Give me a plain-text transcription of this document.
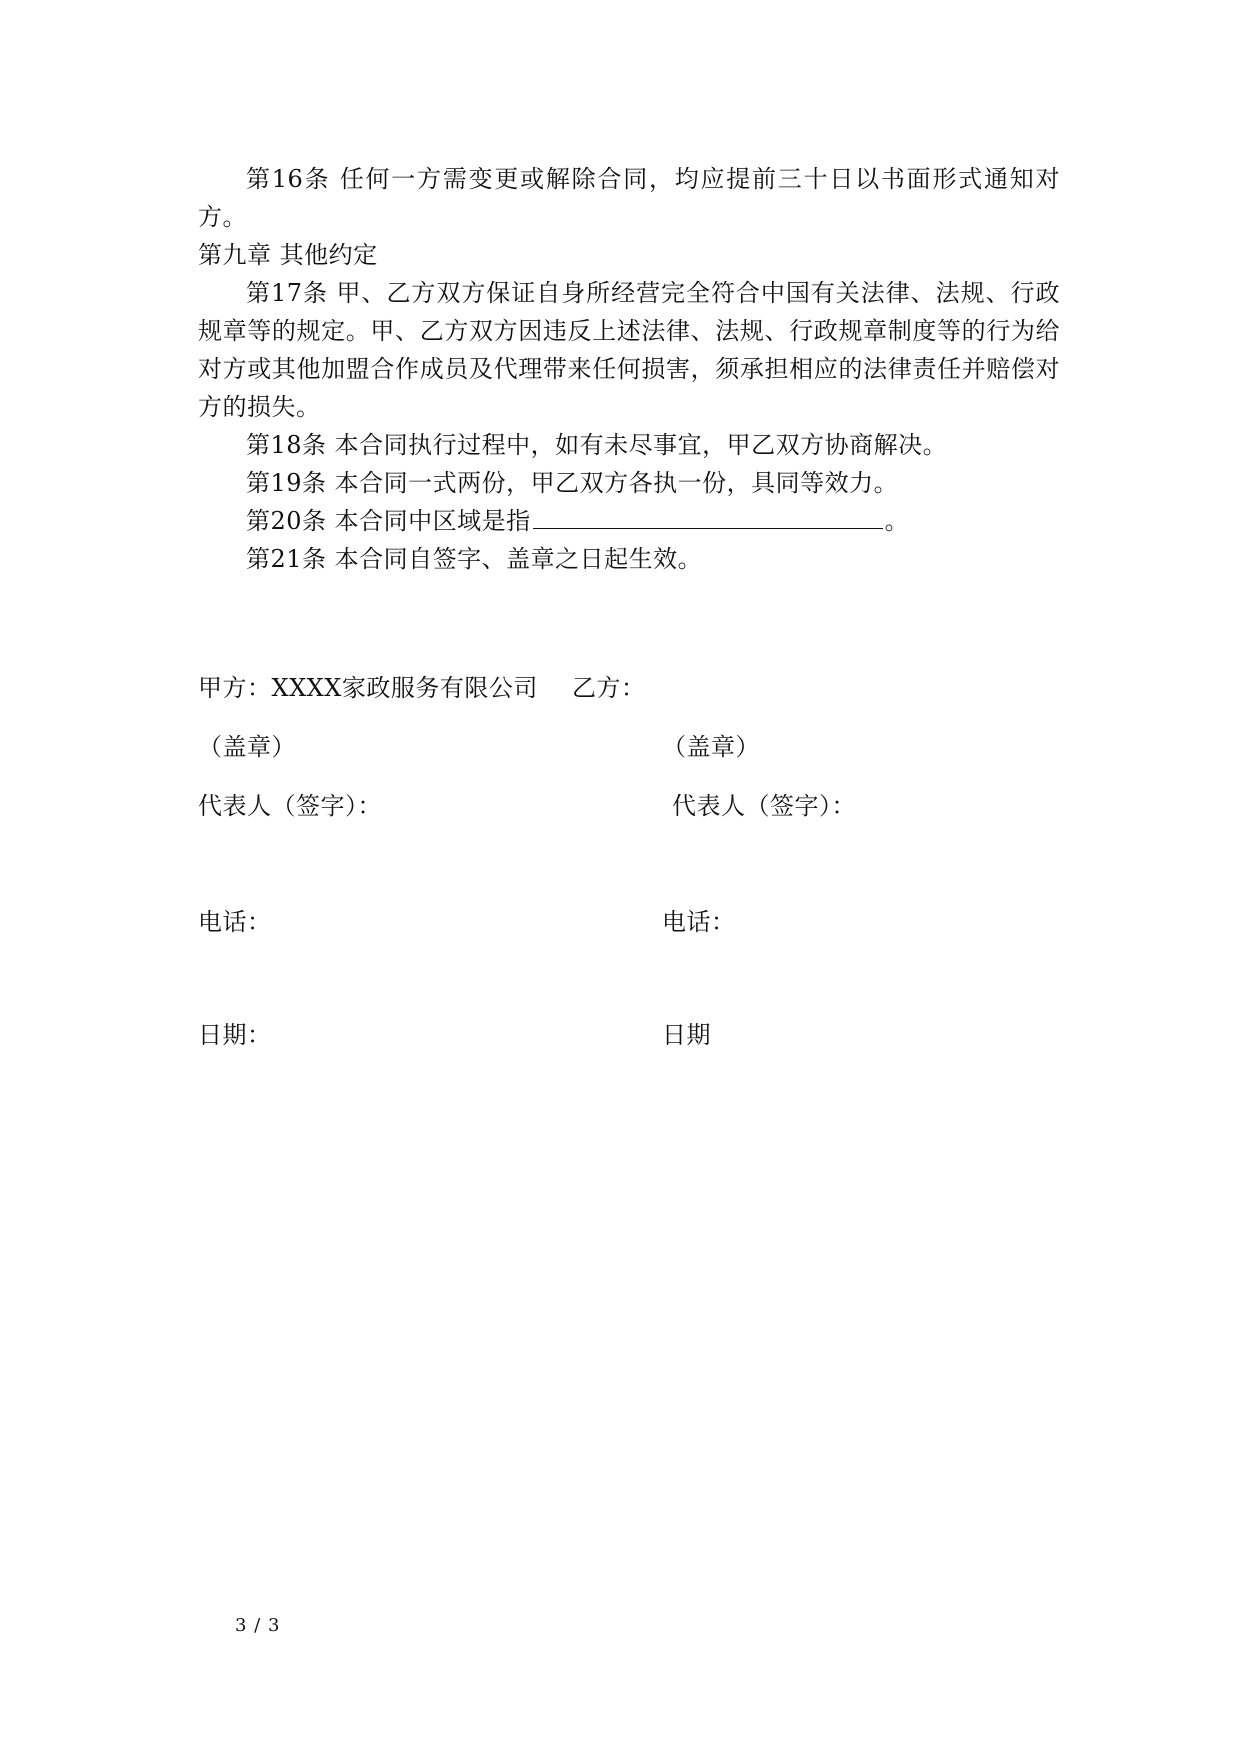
第16条 任何一方需变更或解除合同，均应提前三十日以书面形式通知对方。

第九章 其他约定

第17条 甲、乙方双方保证自身所经营完全符合中国有关法律、法规、行政规章等的规定。甲、乙方双方因违反上述法律、法规、行政规章制度等的行为给对方或其他加盟合作成员及代理带来任何损害，须承担相应的法律责任并赔偿对方的损失。

第18条 本合同执行过程中，如有未尽事宜，甲乙双方协商解决。

第19条 本合同一式两份，甲乙双方各执一份，具同等效力。

第20条 本合同中区域是指	。

第21条 本合同自签字、盖章之日起生效。

甲方：XXXX家政服务有限公司
（盖章）
代表人（签字）：
电话：
日期：
乙方：
（盖章）
代表人（签字）：
电话：
日期
3 / 3
